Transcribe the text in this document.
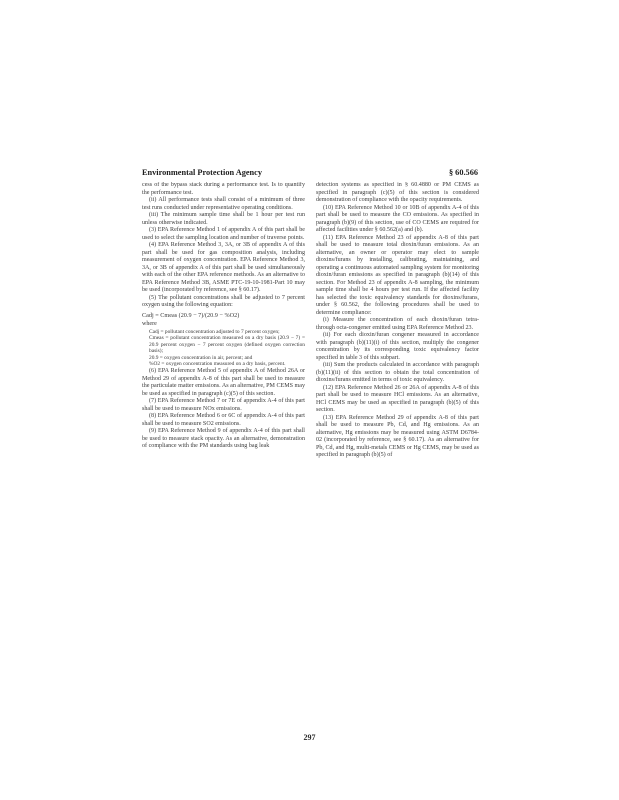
Environmental Protection Agency	§ 60.566

cess of the bypass stack during a performance test. Is to quantify the performance test.

(ii) All performance tests shall consist of a minimum of three test runs conducted under representative operating conditions.

(iii) The minimum sample time shall be 1 hour per test run unless otherwise indicated.

(3) EPA Reference Method 1 of appendix A of this part shall be used to select the sampling location and number of traverse points.

(4) EPA Reference Method 3, 3A, or 3B of appendix A of this part shall be used for gas composition analysis, including measurement of oxygen concentration. EPA Reference Method 3, 3A, or 3B of appendix A of this part shall be used simultaneously with each of the other EPA reference methods. As an alternative to EPA Reference Method 3B, ASME PTC-19-10-1981-Part 10 may be used (incorporated by reference, see § 60.17).

(5) The pollutant concentrations shall be adjusted to 7 percent oxygen using the following equation:

Cadj = Cmeas (20.9 − 7)/(20.9 − %O2)

where

Cadj = pollutant concentration adjusted to 7 percent oxygen;

Cmeas = pollutant concentration measured on a dry basis (20.9 − 7) = 20.9 percent oxygen − 7 percent oxygen (defined oxygen correction basis);

20.9 = oxygen concentration in air, percent; and

%O2 = oxygen concentration measured on a dry basis, percent.

(6) EPA Reference Method 5 of appendix A of Method 26A or Method 29 of appendix A-8 of this part shall be used to measure the particulate matter emissions. As an alternative, PM CEMS may be used as specified in paragraph (c)(5) of this section.

(7) EPA Reference Method 7 or 7E of appendix A-4 of this part shall be used to measure NOx emissions.

(8) EPA Reference Method 6 or 6C of appendix A-4 of this part shall be used to measure SO2 emissions.

(9) EPA Reference Method 9 of appendix A-4 of this part shall be used to measure stack opacity. As an alternative, demonstration of compliance with the PM standards using bag leak

detection systems as specified in § 60.4880 or PM CEMS as specified in paragraph (c)(5) of this section is considered demonstration of compliance with the opacity requirements.

(10) EPA Reference Method 10 or 10B of appendix A-4 of this part shall be used to measure the CO emissions. As specified in paragraph (b)(9) of this section, use of CO CEMS are required for affected facilities under § 60.562(a) and (b).

(11) EPA Reference Method 23 of appendix A-8 of this part shall be used to measure total dioxin/furan emissions. As an alternative, an owner or operator may elect to sample dioxins/furans by installing, calibrating, maintaining, and operating a continuous automated sampling system for monitoring dioxin/furan emissions as specified in paragraph (b)(14) of this section. For Method 23 of appendix A-8 sampling, the minimum sample time shall be 4 hours per test run. If the affected facility has selected the toxic equivalency standards for dioxins/furans, under § 60.562, the following procedures shall be used to determine compliance:

(i) Measure the concentration of each dioxin/furan tetra- through octa-congener emitted using EPA Reference Method 23.

(ii) For each dioxin/furan congener measured in accordance with paragraph (b)(11)(i) of this section, multiply the congener concentration by its corresponding toxic equivalency factor specified in table 3 of this subpart.

(iii) Sum the products calculated in accordance with paragraph (b)(11)(ii) of this section to obtain the total concentration of dioxins/furans emitted in terms of toxic equivalency.

(12) EPA Reference Method 26 or 26A of appendix A-8 of this part shall be used to measure HCl emissions. As an alternative, HCl CEMS may be used as specified in paragraph (b)(5) of this section.

(13) EPA Reference Method 29 of appendix A-8 of this part shall be used to measure Pb, Cd, and Hg emissions. As an alternative, Hg emissions may be measured using ASTM D6784-02 (incorporated by reference, see § 60.17). As an alternative for Pb, Cd, and Hg, multi-metals CEMS or Hg CEMS, may be used as specified in paragraph (b)(5) of

297
